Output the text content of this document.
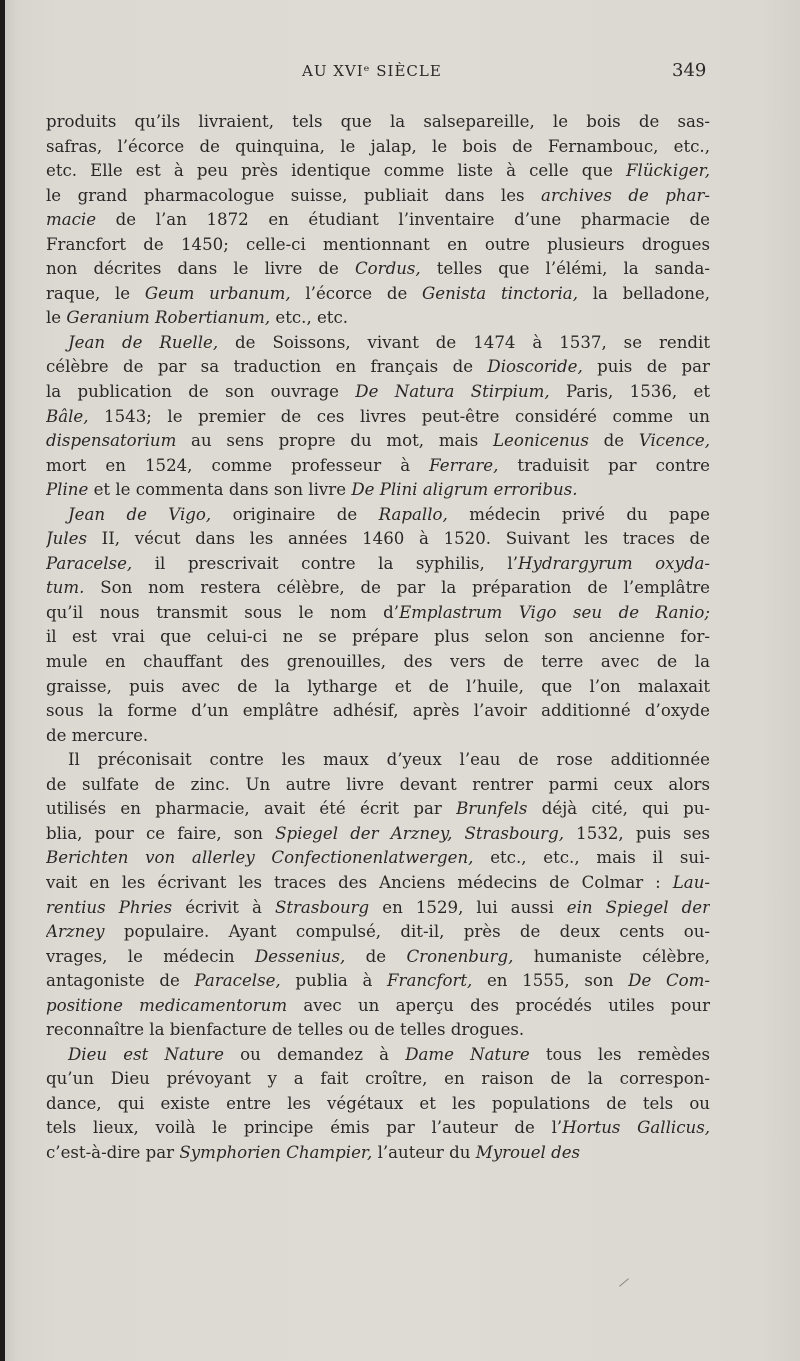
AU XVIᵉ SIÈCLE	349
produits qu’ils livraient, tels que la salsepareille, le bois de sas-
safras, l’écorce de quinquina, le jalap, le bois de Fernambouc, etc.,
etc. Elle est à peu près identique comme liste à celle que Flückiger,
le grand pharmacologue suisse, publiait dans les archives de phar-
macie de l’an 1872 en étudiant l’inventaire d’une pharmacie de
Francfort de 1450; celle-ci mentionnant en outre plusieurs drogues
non décrites dans le livre de Cordus, telles que l’élémi, la sanda-
raque, le Geum urbanum, l’écorce de Genista tinctoria, la belladone,
le Geranium Robertianum, etc., etc.
Jean de Ruelle, de Soissons, vivant de 1474 à 1537, se rendit
célèbre de par sa traduction en français de Dioscoride, puis de par
la publication de son ouvrage De Natura Stirpium, Paris, 1536, et
Bâle, 1543; le premier de ces livres peut-être considéré comme un
dispensatorium au sens propre du mot, mais Leonicenus de Vicence,
mort en 1524, comme professeur à Ferrare, traduisit par contre
Pline et le commenta dans son livre De Plini aligrum erroribus.
Jean de Vigo, originaire de Rapallo, médecin privé du pape
Jules II, vécut dans les années 1460 à 1520. Suivant les traces de
Paracelse, il prescrivait contre la syphilis, l’Hydrargyrum oxyda-
tum. Son nom restera célèbre, de par la préparation de l’emplâtre
qu’il nous transmit sous le nom d’Emplastrum Vigo seu de Ranio;
il est vrai que celui-ci ne se prépare plus selon son ancienne for-
mule en chauffant des grenouilles, des vers de terre avec de la
graisse, puis avec de la lytharge et de l’huile, que l’on malaxait
sous la forme d’un emplâtre adhésif, après l’avoir additionné d’oxyde
de mercure.
Il préconisait contre les maux d’yeux l’eau de rose additionnée
de sulfate de zinc. Un autre livre devant rentrer parmi ceux alors
utilisés en pharmacie, avait été écrit par Brunfels déjà cité, qui pu-
blia, pour ce faire, son Spiegel der Arzney, Strasbourg, 1532, puis ses
Berichten von allerley Confectionenlatwergen, etc., etc., mais il sui-
vait en les écrivant les traces des Anciens médecins de Colmar : Lau-
rentius Phries écrivit à Strasbourg en 1529, lui aussi ein Spiegel der
Arzney populaire. Ayant compulsé, dit-il, près de deux cents ou-
vrages, le médecin Dessenius, de Cronenburg, humaniste célèbre,
antagoniste de Paracelse, publia à Francfort, en 1555, son De Com-
positione medicamentorum avec un aperçu des procédés utiles pour
reconnaître la bienfacture de telles ou de telles drogues.
Dieu est Nature ou demandez à Dame Nature tous les remèdes
qu’un Dieu prévoyant y a fait croître, en raison de la correspon-
dance, qui existe entre les végétaux et les populations de tels ou
tels lieux, voilà le principe émis par l’auteur de l’Hortus Gallicus,
c’est-à-dire par Symphorien Champier, l’auteur du Myrouel des
